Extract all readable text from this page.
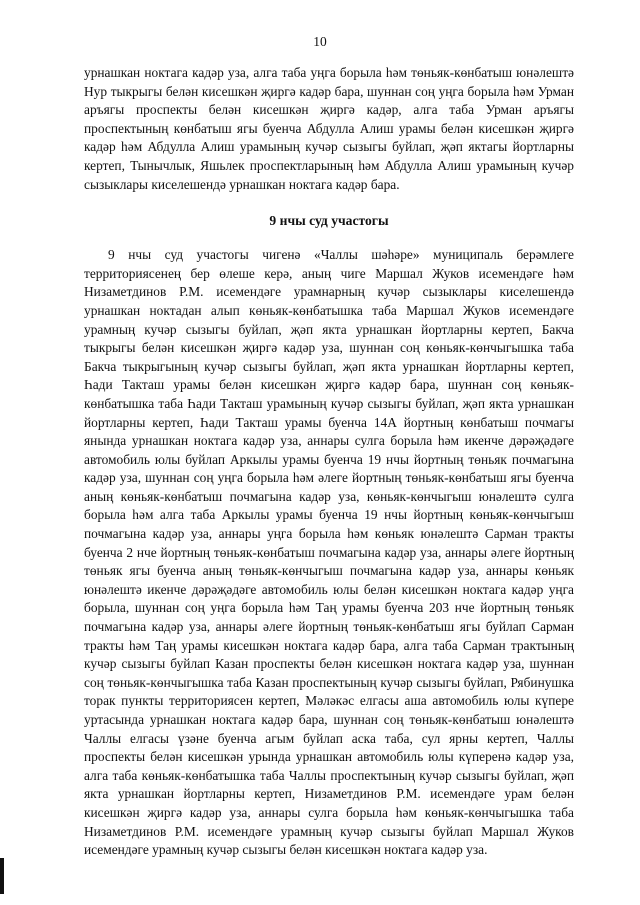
10

урнашкан ноктага кадәр уза, алга таба уңга борыла һәм төньяк-көнбатыш юнәлештә Нур тыкрыгы белән кисешкән җиргә кадәр бара, шуннан соң уңга борыла һәм Урман аръягы проспекты белән кисешкән җиргә кадәр, алга таба Урман аръягы проспектының көнбатыш ягы буенча Абдулла Алиш урамы белән кисешкән җиргә кадәр һәм Абдулла Алиш урамының кучәр сызыгы буйлап, җәп яктагы йортларны кертеп, Тынычлык, Яшьлек проспектларының һәм Абдулла Алиш урамының кучәр сызыклары киселешендә урнашкан ноктага кадәр бара.

9 нчы суд участогы

9 нчы суд участогы чигенә «Чаллы шәһәре» муниципаль берәмлеге территориясенең бер өлеше керә, аның чиге Маршал Жуков исемендәге һәм Низаметдинов Р.М. исемендәге урамнарның кучәр сызыклары киселешендә урнашкан ноктадан алып көньяк-көнбатышка таба Маршал Жуков исемендәге урамның кучәр сызыгы буйлап, җәп якта урнашкан йортларны кертеп, Бакча тыкрыгы белән кисешкән җиргә кадәр уза, шуннан соң көньяк-көнчыгышка таба Бакча тыкрыгының кучәр сызыгы буйлап, җәп якта урнашкан йортларны кертеп, Һади Такташ урамы белән кисешкән җиргә кадәр бара, шуннан соң көньяк-көнбатышка таба Һади Такташ урамының кучәр сызыгы буйлап, җәп якта урнашкан йортларны кертеп, Һади Такташ урамы буенча 14А йортның көнбатыш почмагы янында урнашкан ноктага кадәр уза, аннары сулга борыла һәм икенче дәрәҗәдәге автомобиль юлы буйлап Аркылы урамы буенча 19 нчы йортның төньяк почмагына кадәр уза, шуннан соң уңга борыла һәм әлеге йортның төньяк-көнбатыш ягы буенча аның көньяк-көнбатыш почмагына кадәр уза, көньяк-көнчыгыш юнәлештә сулга борыла һәм алга таба Аркылы урамы буенча 19 нчы йортның көньяк-көнчыгыш почмагына кадәр уза, аннары уңга борыла һәм көньяк юнәлештә Сарман тракты буенча 2 нче йортның төньяк-көнбатыш почмагына кадәр уза, аннары әлеге йортның төньяк ягы буенча аның төньяк-көнчыгыш почмагына кадәр уза, аннары көньяк юнәлештә икенче дәрәҗәдәге автомобиль юлы белән кисешкән ноктага кадәр уңга борыла, шуннан соң уңга борыла һәм Таң урамы буенча 203 нче йортның төньяк почмагына кадәр уза, аннары әлеге йортның төньяк-көнбатыш ягы буйлап Сарман тракты һәм Таң урамы кисешкән ноктага кадәр бара, алга таба Сарман трактының кучәр сызыгы буйлап Казан проспекты белән кисешкән ноктага кадәр уза, шуннан соң төньяк-көнчыгышка таба Казан проспектының кучәр сызыгы буйлап, Рябинушка торак пункты территориясен кертеп, Мәләкәс елгасы аша автомобиль юлы күпере уртасында урнашкан ноктага кадәр бара, шуннан соң төньяк-көнбатыш юнәлештә Чаллы елгасы үзәне буенча агым буйлап аска таба, сул ярны кертеп, Чаллы проспекты белән кисешкән урында урнашкан автомобиль юлы күперенә кадәр уза, алга таба көньяк-көнбатышка таба Чаллы проспектының кучәр сызыгы буйлап, җәп якта урнашкан йортларны кертеп, Низаметдинов Р.М. исемендәге урам белән кисешкән җиргә кадәр уза, аннары сулга борыла һәм көньяк-көнчыгышка таба Низаметдинов Р.М. исемендәге урамның кучәр сызыгы буйлап Маршал Жуков исемендәге урамның кучәр сызыгы белән кисешкән ноктага кадәр уза.
